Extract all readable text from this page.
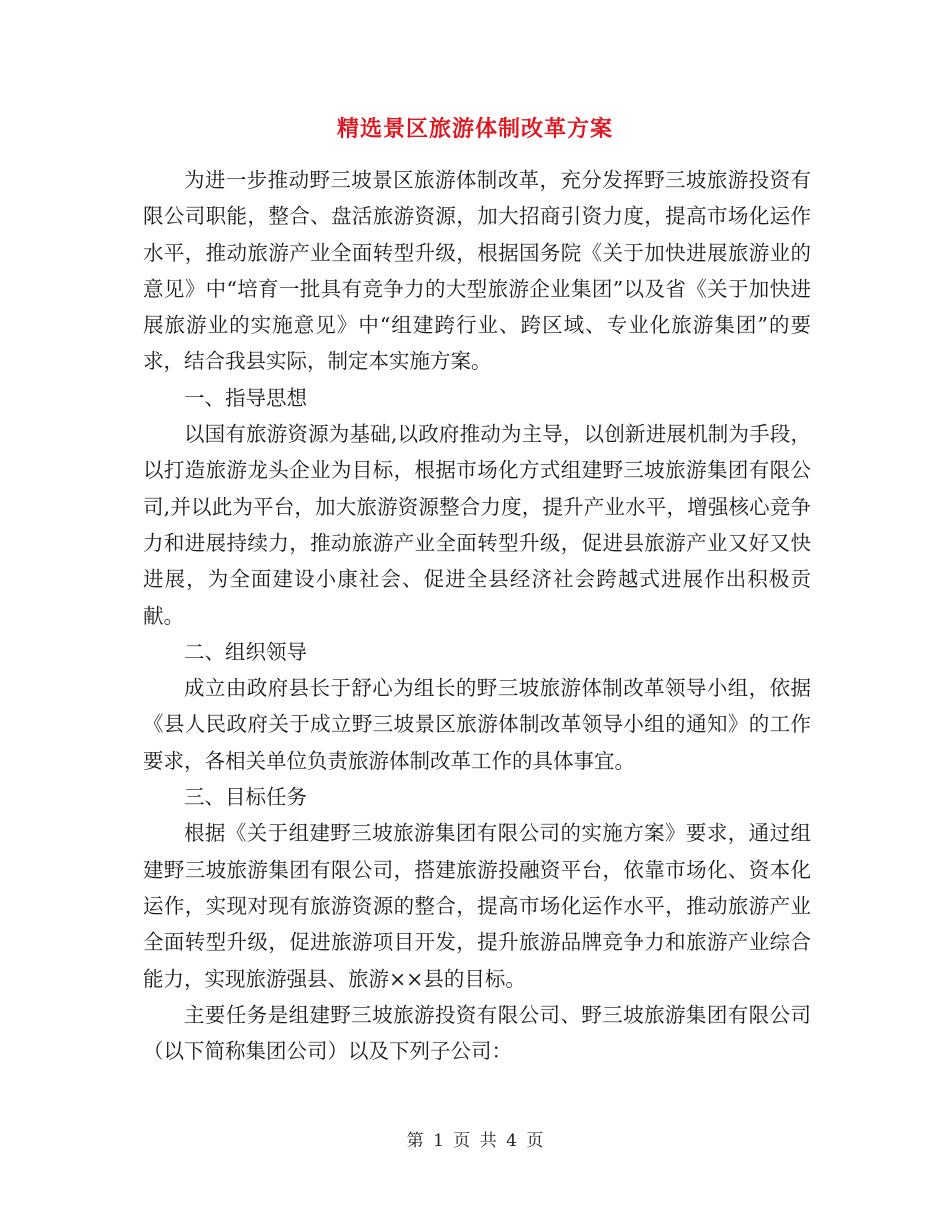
精选景区旅游体制改革方案

为进一步推动野三坡景区旅游体制改革，充分发挥野三坡旅游投资有限公司职能，整合、盘活旅游资源，加大招商引资力度，提高市场化运作水平，推动旅游产业全面转型升级，根据国务院《关于加快进展旅游业的意见》中“培育一批具有竞争力的大型旅游企业集团”以及省《关于加快进展旅游业的实施意见》中“组建跨行业、跨区域、专业化旅游集团”的要求，结合我县实际，制定本实施方案。

一、指导思想

以国有旅游资源为基础,以政府推动为主导，以创新进展机制为手段，以打造旅游龙头企业为目标，根据市场化方式组建野三坡旅游集团有限公司,并以此为平台，加大旅游资源整合力度，提升产业水平，增强核心竞争力和进展持续力，推动旅游产业全面转型升级，促进县旅游产业又好又快进展，为全面建设小康社会、促进全县经济社会跨越式进展作出积极贡献。

二、组织领导

成立由政府县长于舒心为组长的野三坡旅游体制改革领导小组，依据《县人民政府关于成立野三坡景区旅游体制改革领导小组的通知》的工作要求，各相关单位负责旅游体制改革工作的具体事宜。

三、目标任务

根据《关于组建野三坡旅游集团有限公司的实施方案》要求，通过组建野三坡旅游集团有限公司，搭建旅游投融资平台，依靠市场化、资本化运作，实现对现有旅游资源的整合，提高市场化运作水平，推动旅游产业全面转型升级，促进旅游项目开发，提升旅游品牌竞争力和旅游产业综合能力，实现旅游强县、旅游××县的目标。

主要任务是组建野三坡旅游投资有限公司、野三坡旅游集团有限公司（以下简称集团公司）以及下列子公司：

第 1 页 共 4 页
